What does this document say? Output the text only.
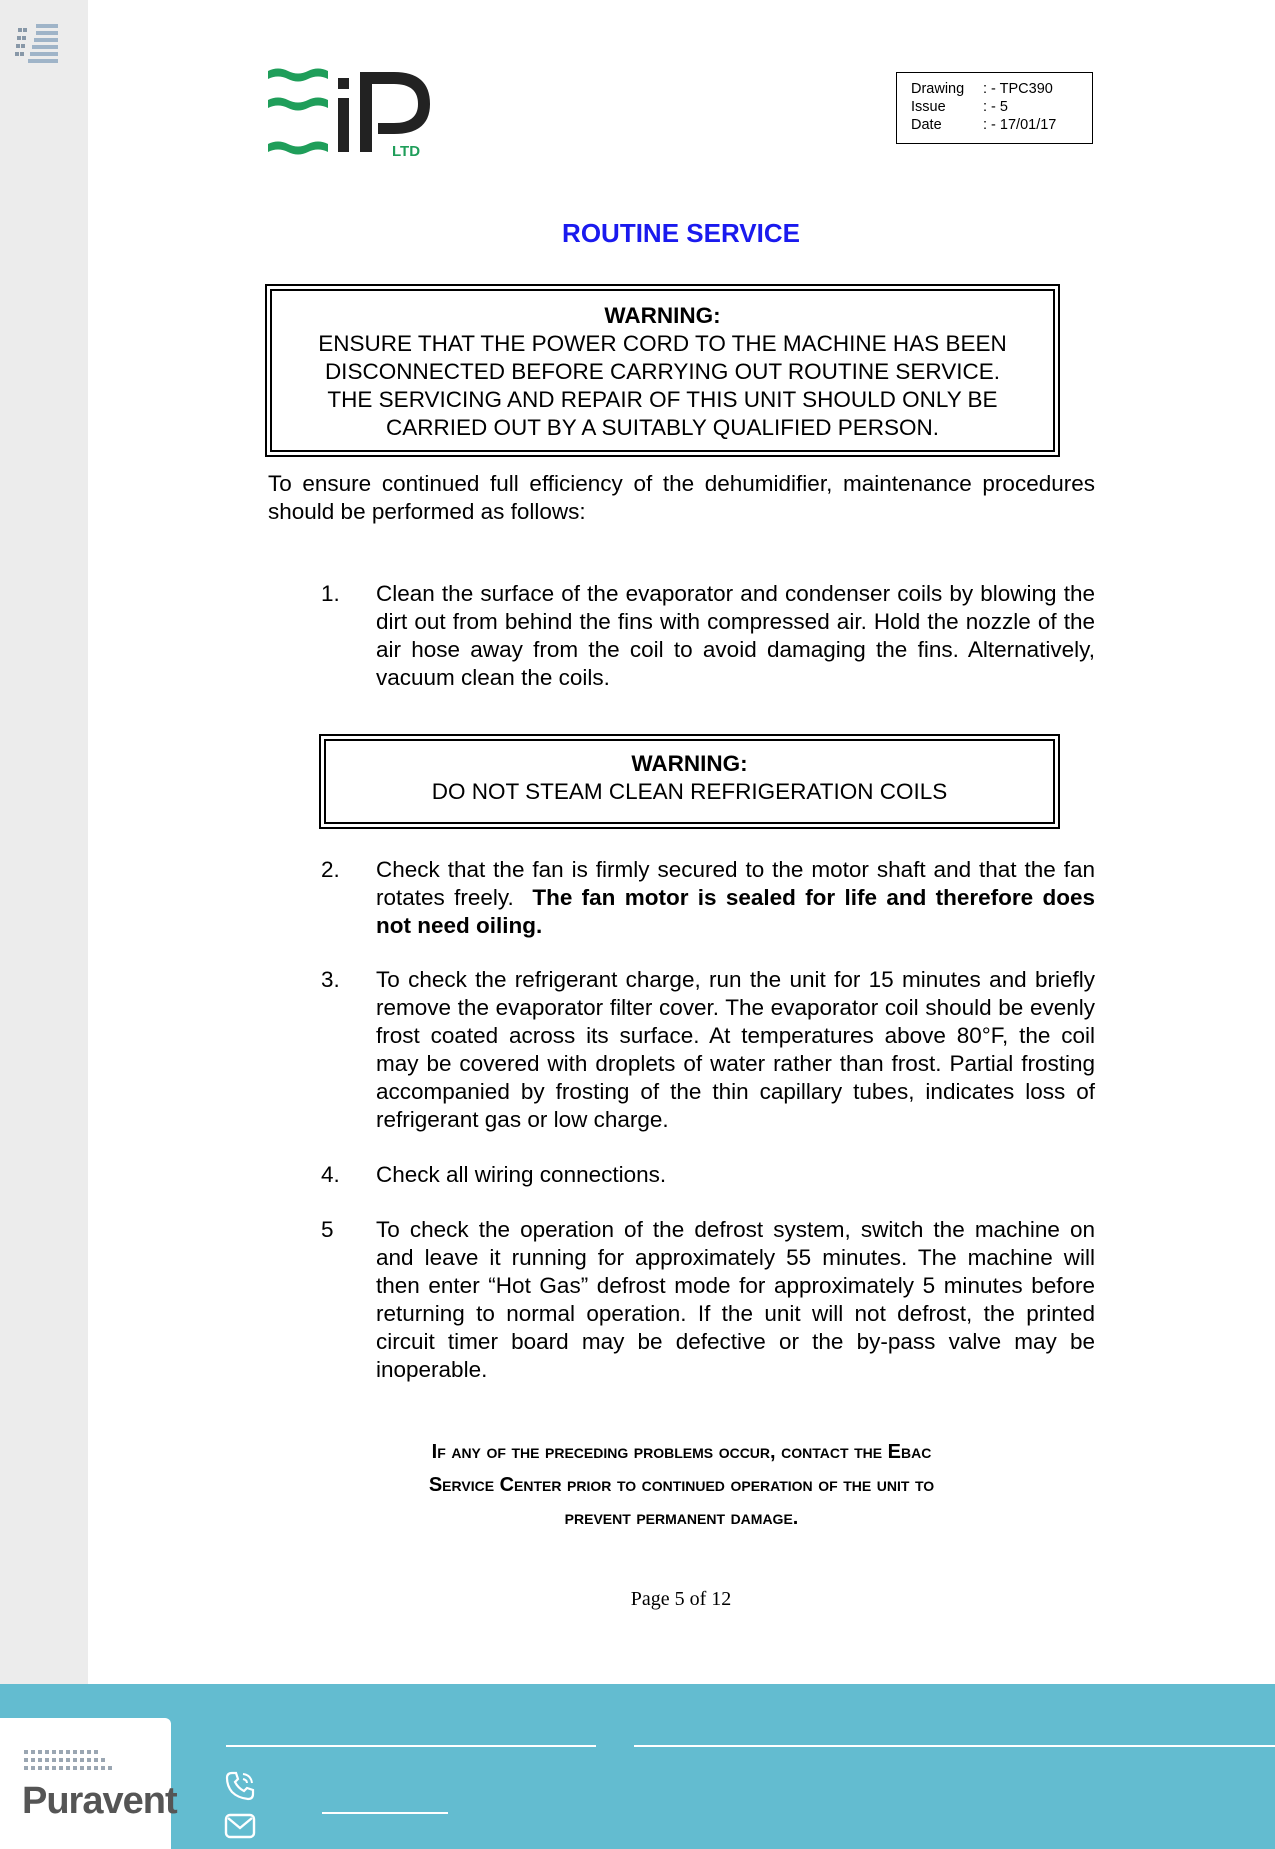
LTD
Drawing	: - TPC390
Issue	: - 5
Date	: - 17/01/17
ROUTINE SERVICE
WARNING:
ENSURE THAT THE POWER CORD TO THE MACHINE HAS BEEN
DISCONNECTED BEFORE CARRYING OUT ROUTINE SERVICE.
THE SERVICING AND REPAIR OF THIS UNIT SHOULD ONLY BE
CARRIED OUT BY A SUITABLY QUALIFIED PERSON.
To ensure continued full efficiency of the dehumidifier, maintenance procedures should be performed as follows:
1.	Clean the surface of the evaporator and condenser coils by blowing the dirt out from behind the fins with compressed air. Hold the nozzle of the air hose away from the coil to avoid damaging the fins. Alternatively, vacuum clean the coils.
WARNING:
DO NOT STEAM CLEAN REFRIGERATION COILS
2.	Check that the fan is firmly secured to the motor shaft and that the fan rotates freely. The fan motor is sealed for life and therefore does not need oiling.
3.	To check the refrigerant charge, run the unit for 15 minutes and briefly remove the evaporator filter cover. The evaporator coil should be evenly frost coated across its surface. At temperatures above 80°F, the coil may be covered with droplets of water rather than frost. Partial frosting accompanied by frosting of the thin capillary tubes, indicates loss of refrigerant gas or low charge.
4.	Check all wiring connections.
5	To check the operation of the defrost system, switch the machine on and leave it running for approximately 55 minutes. The machine will then enter “Hot Gas” defrost mode for approximately 5 minutes before returning to normal operation. If the unit will not defrost, the printed circuit timer board may be defective or the by-pass valve may be inoperable.
If any of the preceding problems occur, contact the Ebac
Service Center prior to continued operation of the unit to
prevent permanent damage.
Page 5 of 12
Puravent
